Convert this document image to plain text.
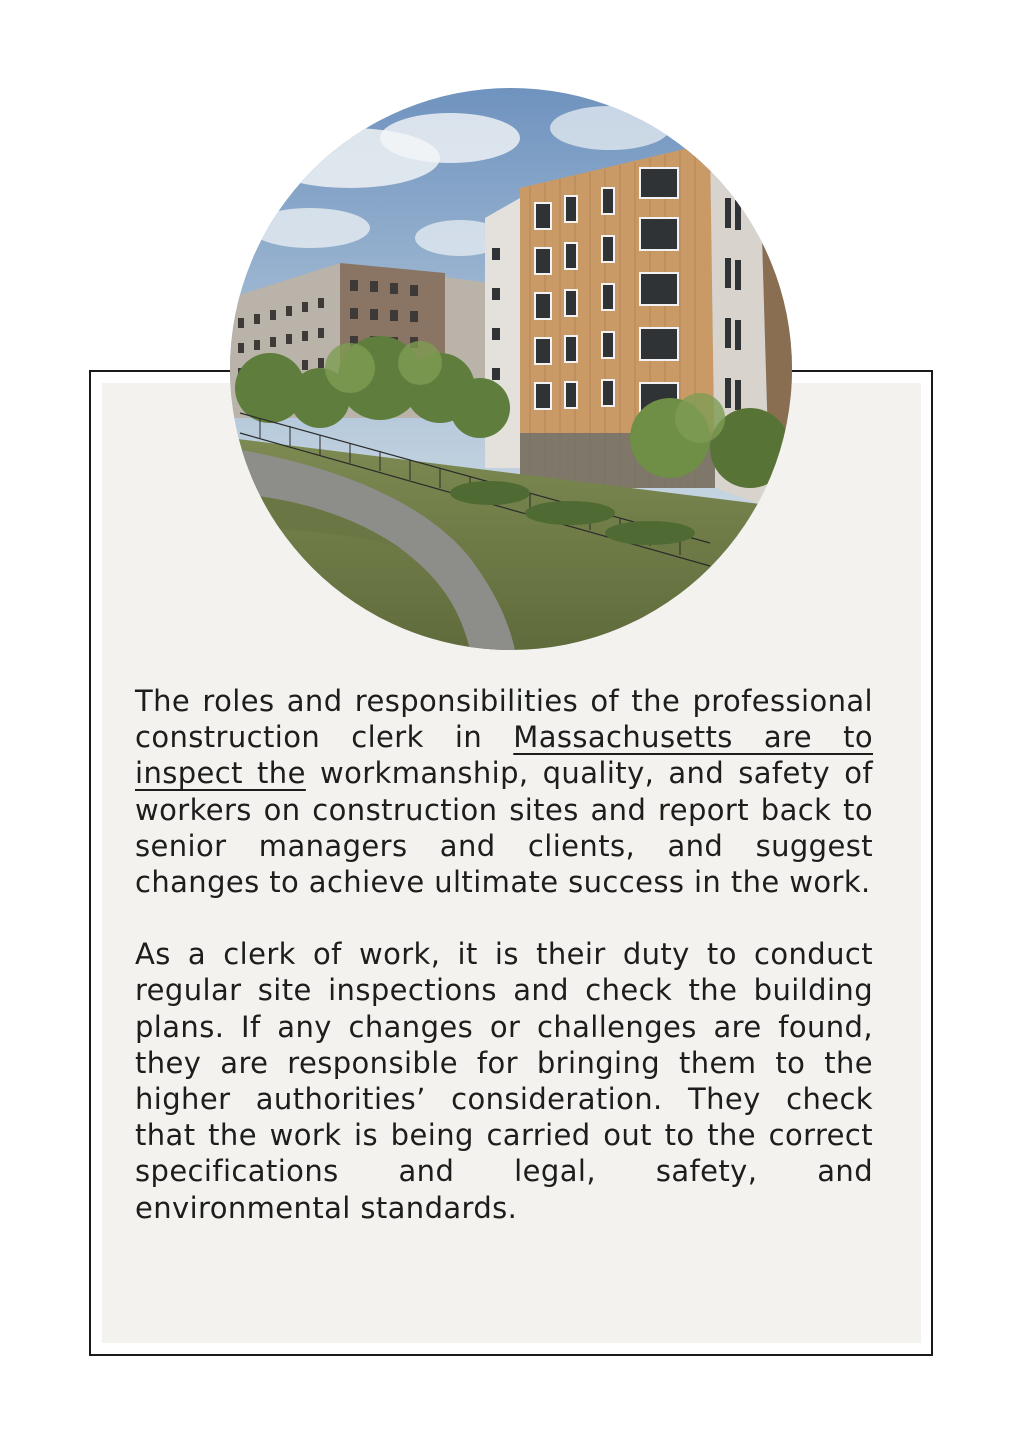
The roles and responsibilities of the professional construction clerk in Massachusetts are to inspect the workmanship, quality, and safety of workers on construction sites and report back to senior managers and clients, and suggest changes to achieve ultimate success in the work.

As a clerk of work, it is their duty to conduct regular site inspections and check the building plans. If any changes or challenges are found, they are responsible for bringing them to the higher authorities’ consideration. They check that the work is being carried out to the correct specifications and legal, safety, and environmental standards.
